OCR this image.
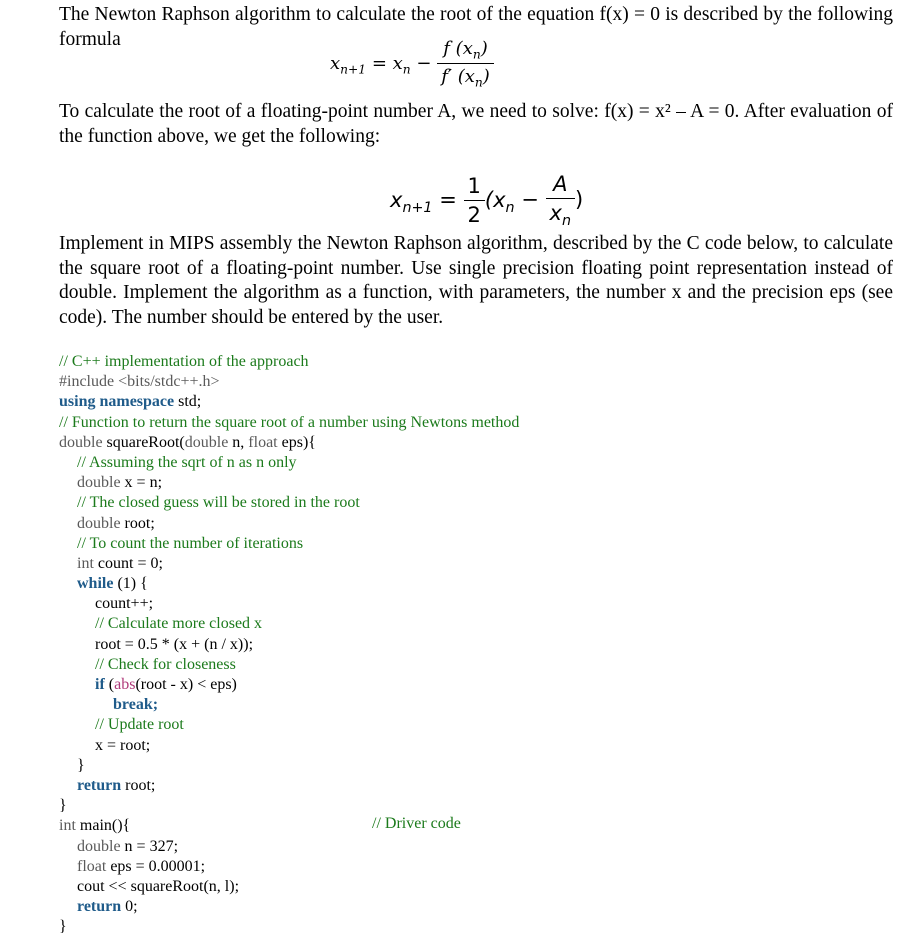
The Newton Raphson algorithm to calculate the root of the equation f(x) = 0 is described by the following formula
$x_{n+1} = x_n - \frac{f (x_n)}{f' (x_n)}$
To calculate the root of a floating-point number A, we need to solve: f(x) = x² – A = 0. After evaluation of the function above, we get the following:
$x_{n+1} = \frac{1}{2} (x_n - \frac{A}{x_n}$ )
Implement in MIPS assembly the Newton Raphson algorithm, described by the C code below, to calculate the square root of a floating-point number. Use single precision floating point representation instead of double. Implement the algorithm as a function, with parameters, the number x and the precision eps (see code). The number should be entered by the user.
// C++ implementation of the approach
#include <bits/stdc++.h>
using namespace std;
// Function to return the square root of a number using Newtons method
double squareRoot(double n, float eps){
// Assuming the sqrt of n as n only
double x = n;
// The closed guess will be stored in the root
double root;
// To count the number of iterations
int count = 0;
while (1) {
count++;
// Calculate more closed x
root = 0.5 * (x + (n / x));
// Check for closeness
if (abs(root - x) < eps)
break;
// Update root
x = root;
}
return root;
}
int main(){
double n = 327;
float eps = 0.00001;
cout << squareRoot(n, l);
return 0;
}
// Driver code
